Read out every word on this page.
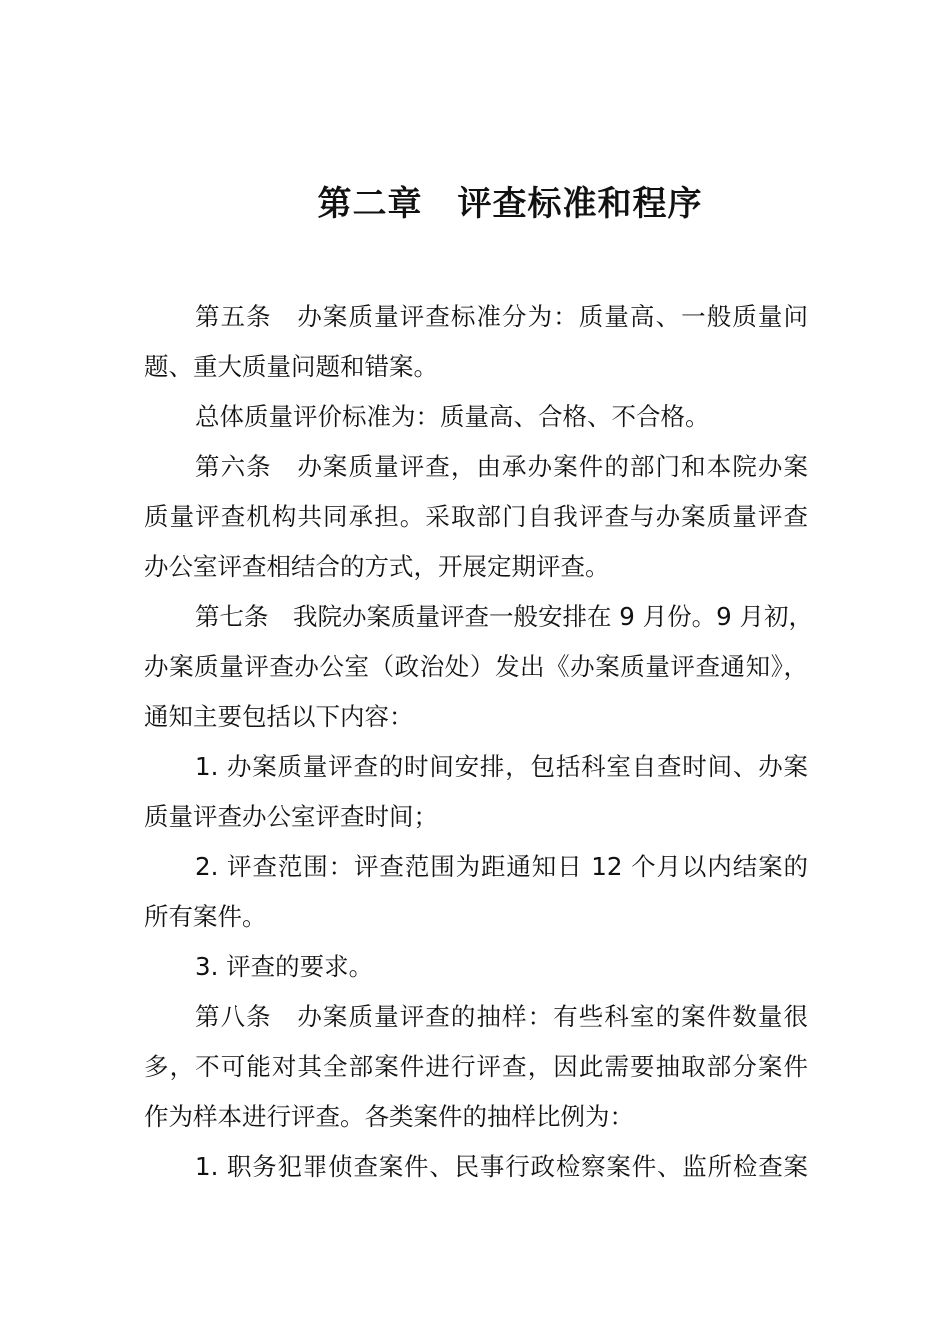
第二章　评查标准和程序
第五条　办案质量评查标准分为：质量高、一般质量问
题、重大质量问题和错案。
总体质量评价标准为：质量高、合格、不合格。
第六条　办案质量评查，由承办案件的部门和本院办案
质量评查机构共同承担。采取部门自我评查与办案质量评查
办公室评查相结合的方式，开展定期评查。
第七条　我院办案质量评查一般安排在 9 月份。9 月初，
办案质量评查办公室（政治处）发出《办案质量评查通知》，
通知主要包括以下内容：
1. 办案质量评查的时间安排，包括科室自查时间、办案
质量评查办公室评查时间；
2. 评查范围：评查范围为距通知日 12 个月以内结案的
所有案件。
3. 评查的要求。
第八条　办案质量评查的抽样：有些科室的案件数量很
多，不可能对其全部案件进行评查，因此需要抽取部分案件
作为样本进行评查。各类案件的抽样比例为：
1. 职务犯罪侦查案件、民事行政检察案件、监所检查案
